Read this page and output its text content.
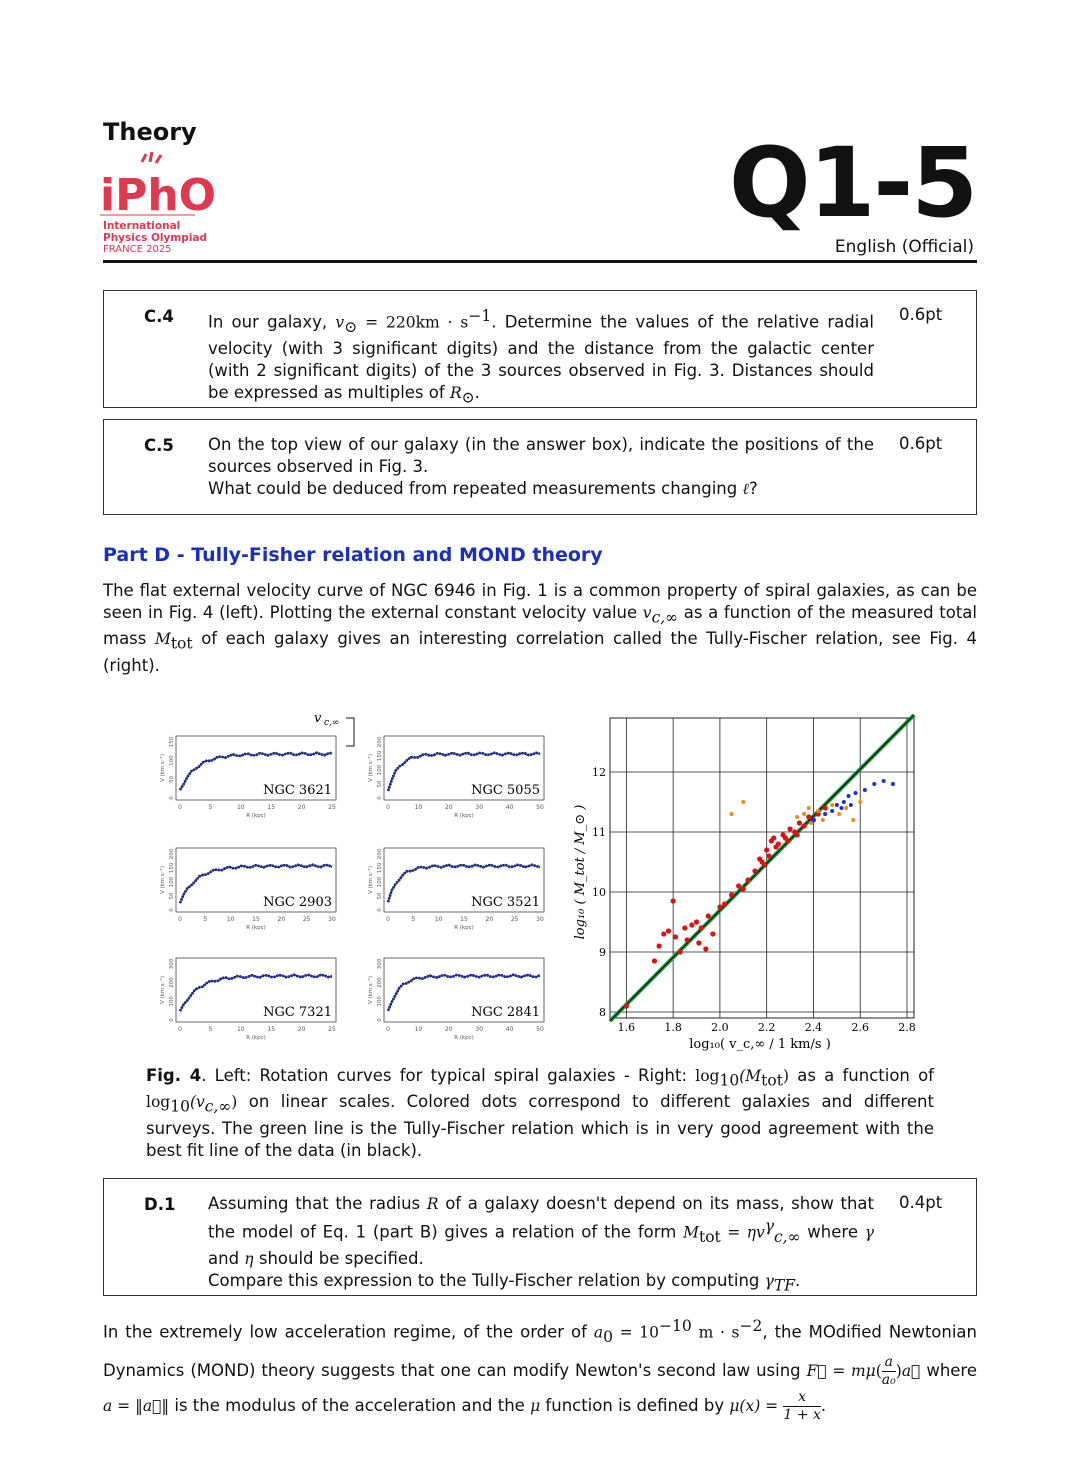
Theory
iPhO
International
Physics Olympiad
FRANCE 2025
Q1-5
English (Official)
C.4 In our galaxy, $v_⊙ = 220km \cdot s^{-1}$. Determine the values of the relative radial velocity (with 3 significant digits) and the distance from the galactic center (with 2 significant digits) of the 3 sources observed in Fig. 3. Distances should be expressed as multiples of $R_⊙$.
0.6pt
C.5 On the top view of our galaxy (in the answer box), indicate the positions of the sources observed in Fig. 3.
What could be deduced from repeated measurements changing ℓ?
0.6pt
Part D - Tully-Fisher relation and MOND theory
The flat external velocity curve of NGC 6946 in Fig. 1 is a common property of spiral galaxies, as can be seen in Fig. 4 (left). Plotting the external constant velocity value $v_{c,\infty}$ as a function of the measured total mass $M_{tot}$ of each galaxy gives an interesting correlation called the Tully-Fischer relation, see Fig. 4 (right).
v c,∞
NGC 3621
0	5	10	15	20	25
R (kpc)
0
50
100
150
V (km s⁻¹)
NGC 5055
0	10	20	30	40	50
R (kpc)
0
50
100
150
200
V (km s⁻¹)
NGC 2903
0	5	10	15	20	25	30
R (kpc)
0
50
100
150
200
V (km s⁻¹)
NGC 3521
0	5	10	15	20	25	30
R (kpc)
0
50
100
150
200
V (km s⁻¹)
NGC 7321
0	5	10	15	20	25
R (kpc)
0
100
200
300
V (km s⁻¹)
NGC 2841
0	10	20	30	40	50
R (kpc)
0
100
200
300
V (km s⁻¹)
1.6	1.8	2.0	2.2	2.4	2.6	2.8
8
9
10
11
12
log₁₀( v_c,∞ / 1 km/s )
log₁₀ ( M_tot / M_⊙ )
Fig. 4. Left: Rotation curves for typical spiral galaxies - Right: $\log_{10}(M_{tot})$ as a function of $\log_{10}(v_{c,\infty})$ on linear scales. Colored dots correspond to different galaxies and different surveys. The green line is the Tully-Fischer relation which is in very good agreement with the best fit line of the data (in black).
D.1 Assuming that the radius R of a galaxy doesn't depend on its mass, show that the model of Eq. 1 (part B) gives a relation of the form $M_{tot} = \eta v^\gamma_{c,\infty}$ where γ and η should be specified.
Compare this expression to the Tully-Fischer relation by computing $\gamma_{TF}$.
0.4pt
In the extremely low acceleration regime, of the order of $a_0 = 10^{-10}$ $m \cdot s^{-2}$, the MOdified Newtonian Dynamics (MOND) theory suggests that one can modify Newton's second law using F⃗ = $m\mu( \frac{a}{\text{a₀}}$ )a⃗ where a = ‖a⃗‖ is the modulus of the acceleration and the μ function is defined by $\mu(x) = \frac{x}{1 + x}$ .
